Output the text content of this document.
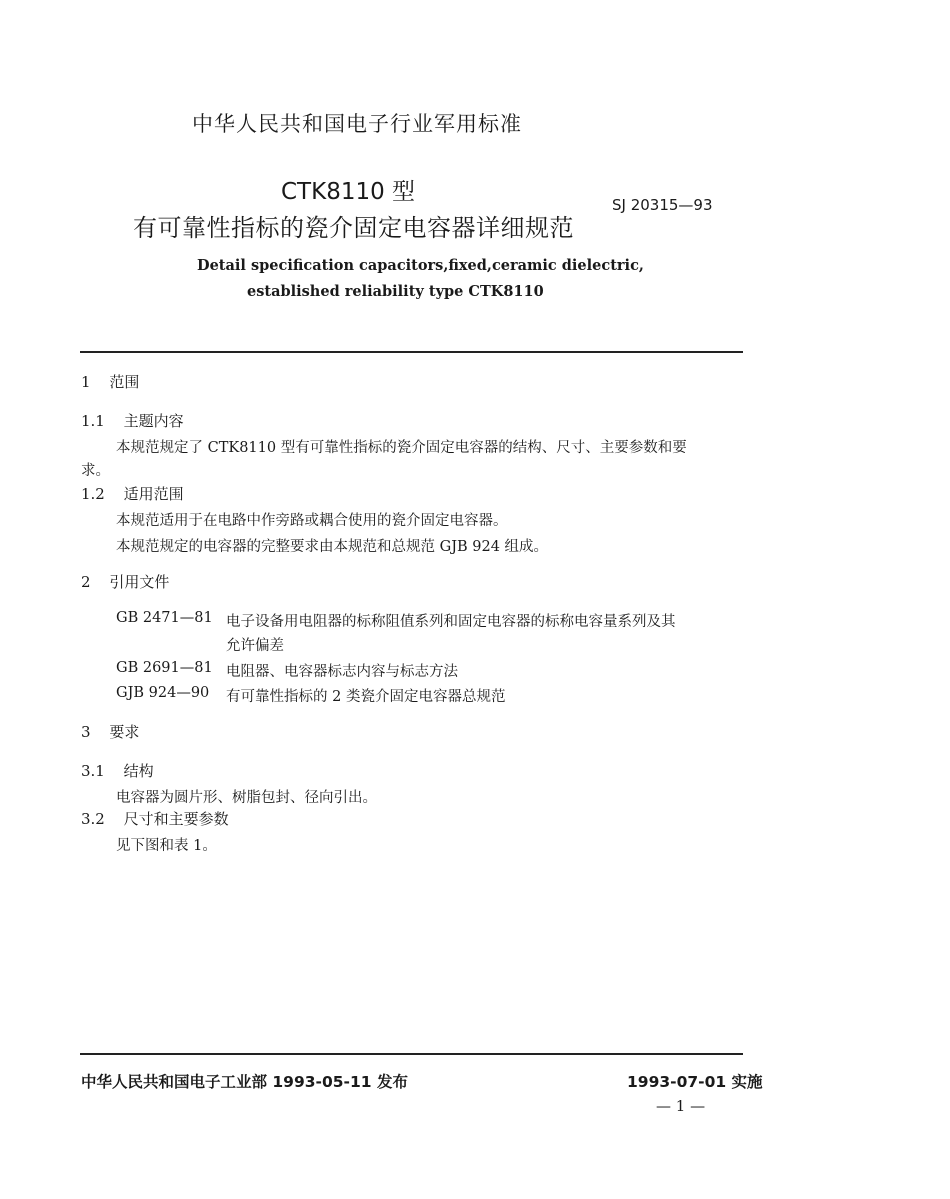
中华人民共和国电子行业军用标准
CTK8110 型
有可靠性指标的瓷介固定电容器详细规范
SJ 20315—93
Detail specification capacitors,fixed,ceramic dielectric,
established reliability type CTK8110
1 范围
1.1 主题内容
本规范规定了 CTK8110 型有可靠性指标的瓷介固定电容器的结构、尺寸、主要参数和要
求。
1.2 适用范围
本规范适用于在电路中作旁路或耦合使用的瓷介固定电容器。
本规范规定的电容器的完整要求由本规范和总规范 GJB 924 组成。
2 引用文件
GB 2471—81 电子设备用电阻器的标称阻值系列和固定电容器的标称电容量系列及其
允许偏差
GB 2691—81 电阻器、电容器标志内容与标志方法
GJB 924—90 有可靠性指标的 2 类瓷介固定电容器总规范
3 要求
3.1 结构
电容器为圆片形、树脂包封、径向引出。
3.2 尺寸和主要参数
见下图和表 1。
中华人民共和国电子工业部 1993-05-11 发布	1993-07-01 实施
— 1 —
